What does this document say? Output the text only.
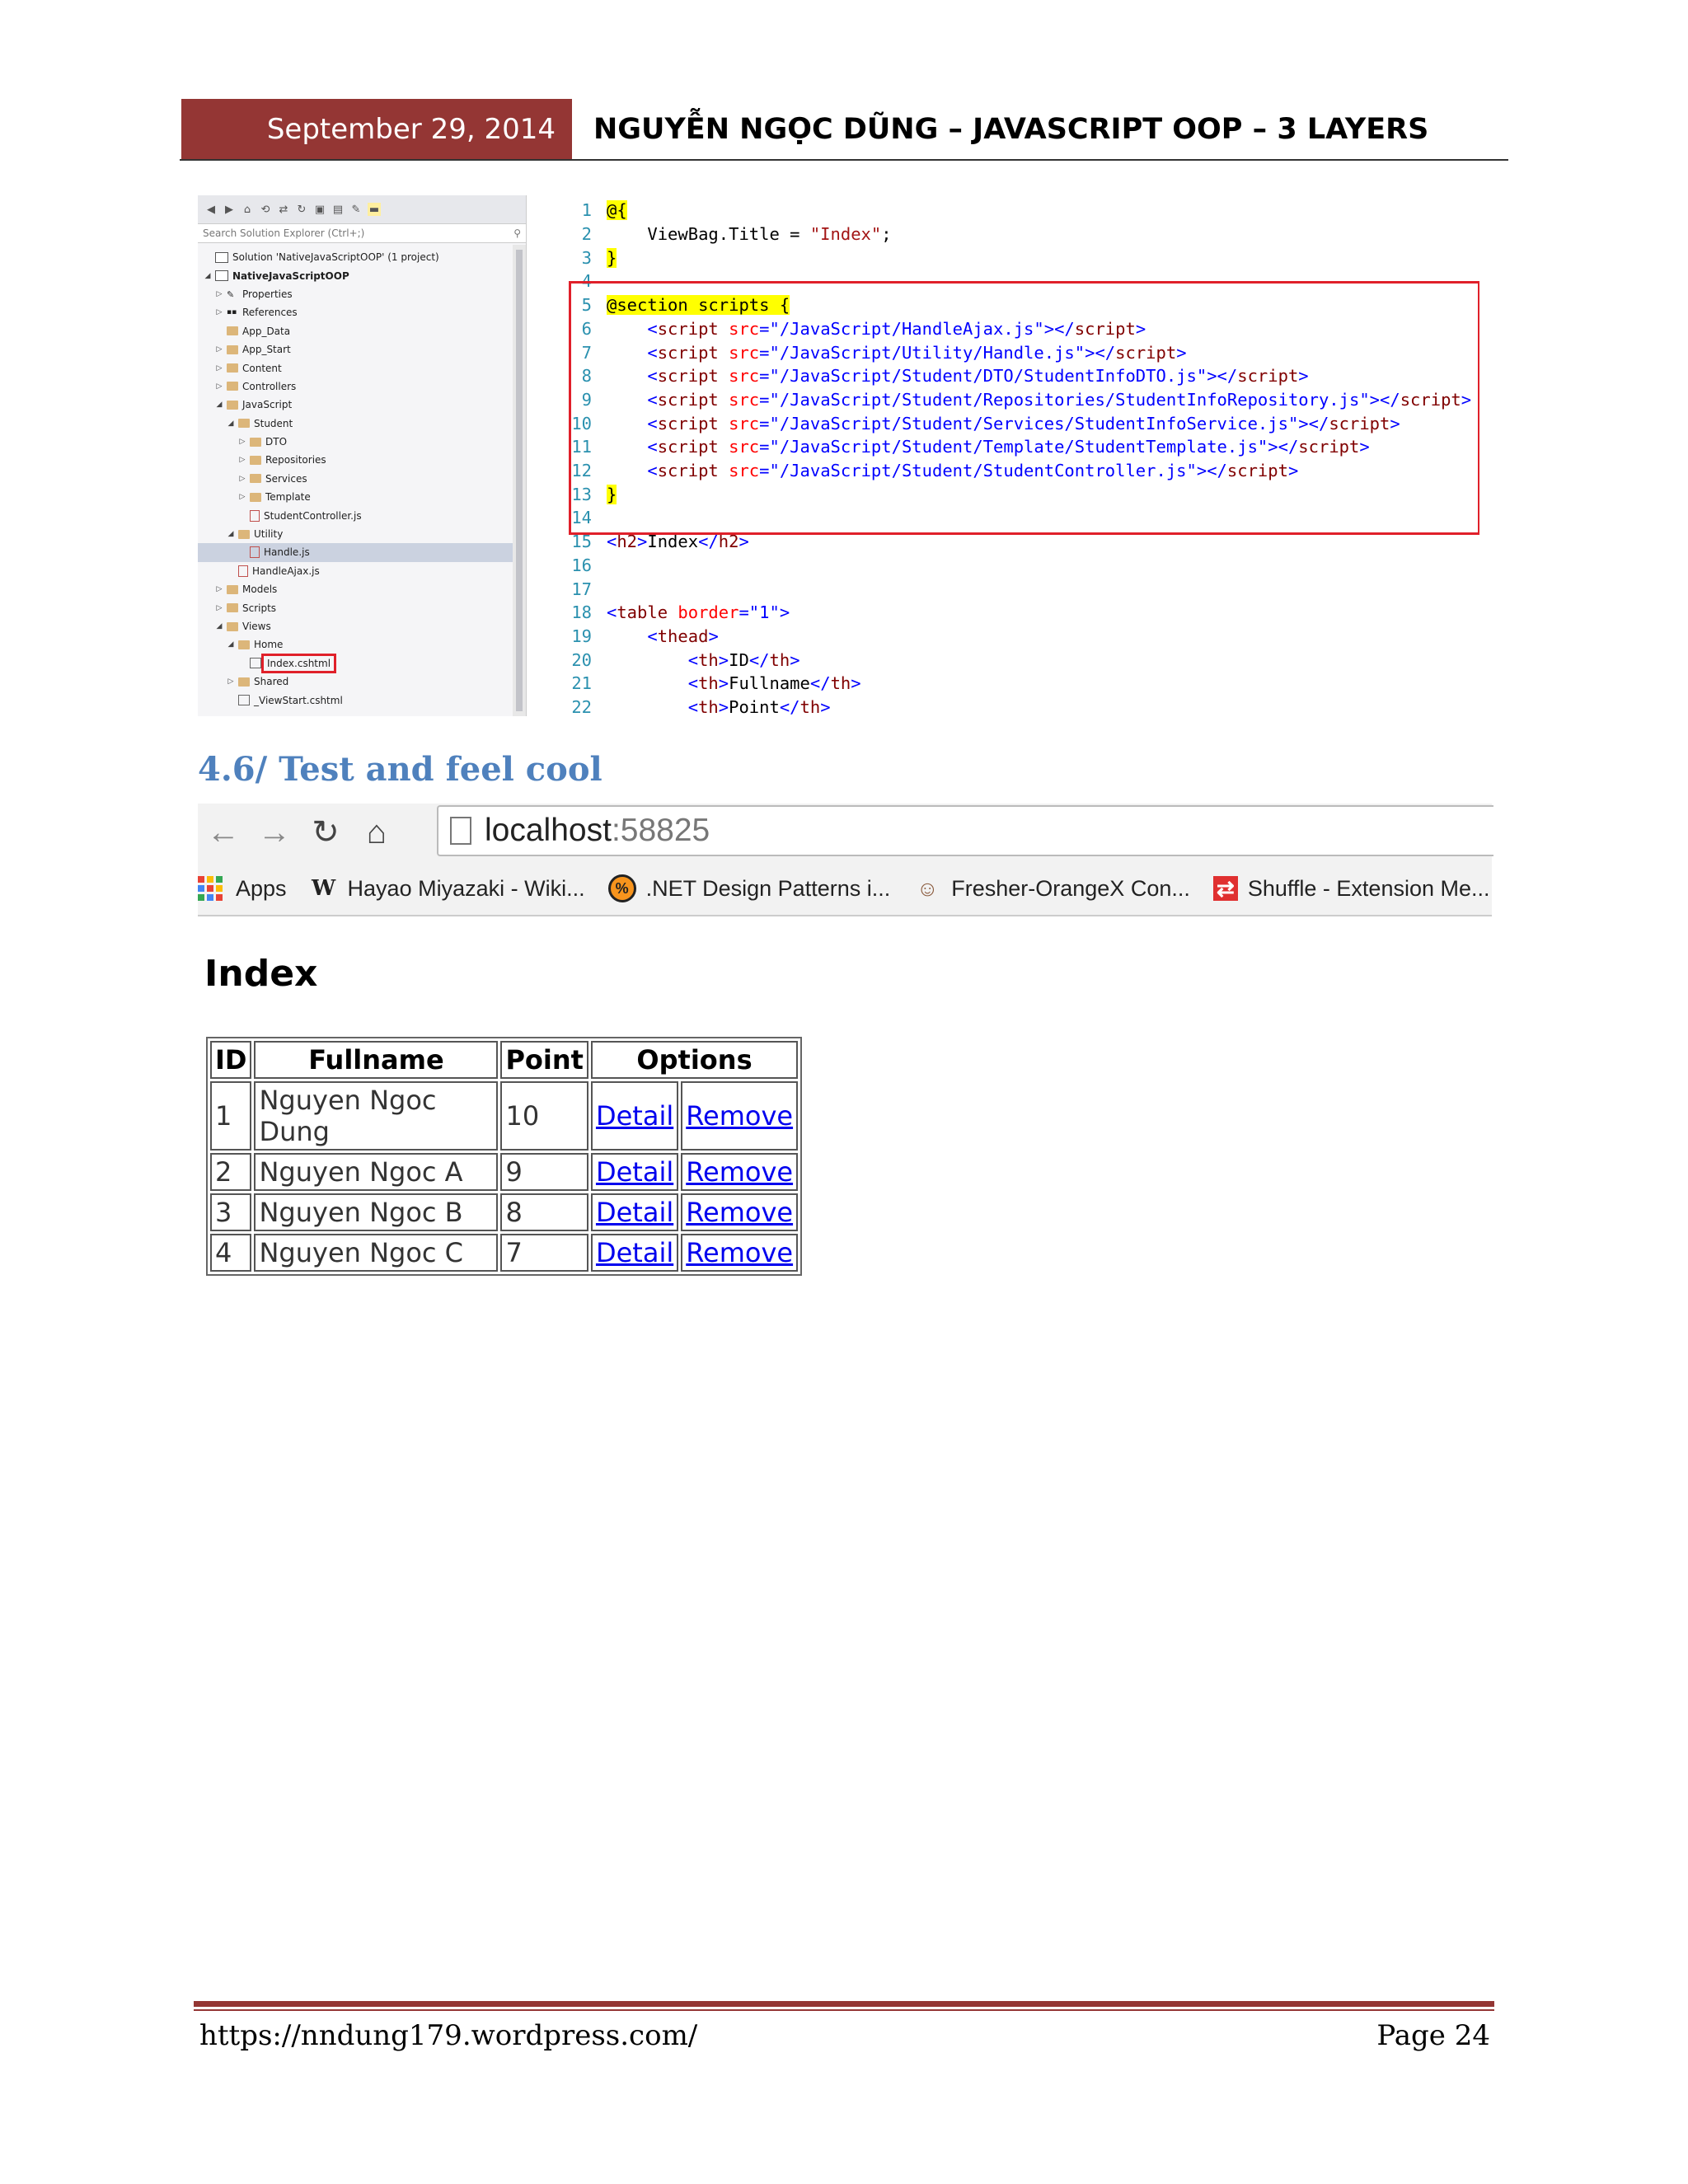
September 29, 2014	NGUYỄN NGỌC DŨNG – JAVASCRIPT OOP – 3 LAYERS
◀ ▶ ⌂ ⟲ ⇄ ↻ ▣ ▤ ✎ ▬
Search Solution Explorer (Ctrl+;)	⚲
Solution 'NativeJavaScriptOOP' (1 project)
◢ NativeJavaScriptOOP
▷ ✎ Properties
▷ ▪▪ References
App_Data
▷ App_Start
▷ Content
▷ Controllers
◢ JavaScript
◢ Student
▷ DTO
▷ Repositories
▷ Services
▷ Template
StudentController.js
◢ Utility
Handle.js
HandleAjax.js
▷ Models
▷ Scripts
◢ Views
◢ Home
Index.cshtml
▷ Shared
_ViewStart.cshtml
1 @{
2 ViewBag.Title = "Index";
3 }
4
5 @section scripts {
6 <script src="/JavaScript/HandleAjax.js"></script>
7 <script src="/JavaScript/Utility/Handle.js"></script>
8 <script src="/JavaScript/Student/DTO/StudentInfoDTO.js"></script>
9 <script src="/JavaScript/Student/Repositories/StudentInfoRepository.js"></script>
10 <script src="/JavaScript/Student/Services/StudentInfoService.js"></script>
11 <script src="/JavaScript/Student/Template/StudentTemplate.js"></script>
12 <script src="/JavaScript/Student/StudentController.js"></script>
13 }
14
15 <h2>Index</h2>
16
17
18 <table border="1">
19 <thead>
20 <th>ID</th>
21 <th>Fullname</th>
22 <th>Point</th>
4.6/ Test and feel cool
← → ↻ ⌂	localhost :58825
Apps W Hayao Miyazaki - Wiki...	% .NET Design Patterns i... ☺ Fresher-OrangeX Con... ⇄ Shuffle - Extension Me...
Index
ID	Fullname	Point	Options	
1	Nguyen Ngoc Dung	10	Detail	Remove
2	Nguyen Ngoc A	9	Detail	Remove
3	Nguyen Ngoc B	8	Detail	Remove
4	Nguyen Ngoc C	7	Detail	Remove
https://nndung179.wordpress.com/	Page 24
